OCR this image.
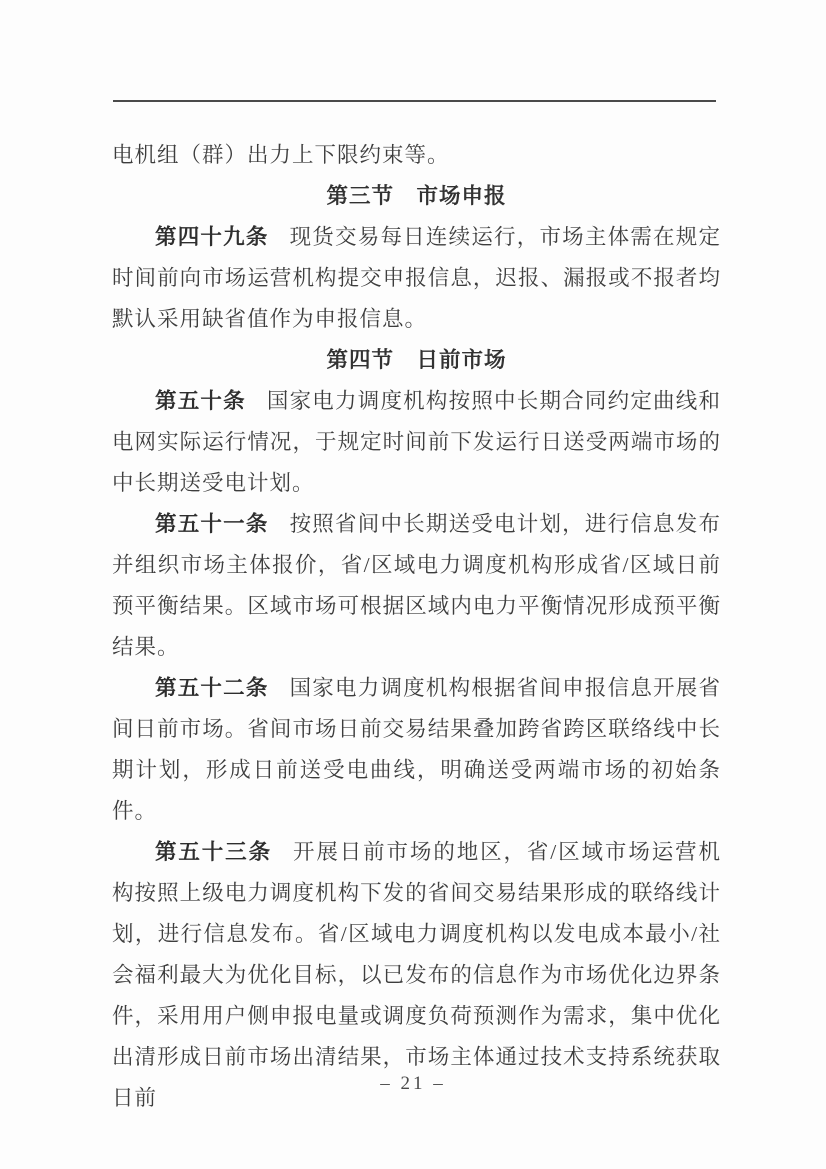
电机组（群）出力上下限约束等。

第三节　市场申报

第四十九条 现货交易每日连续运行，市场主体需在规定时间前向市场运营机构提交申报信息，迟报、漏报或不报者均默认采用缺省值作为申报信息。

第四节　日前市场

第五十条 国家电力调度机构按照中长期合同约定曲线和电网实际运行情况，于规定时间前下发运行日送受两端市场的中长期送受电计划。

第五十一条 按照省间中长期送受电计划，进行信息发布并组织市场主体报价，省/区域电力调度机构形成省/区域日前预平衡结果。区域市场可根据区域内电力平衡情况形成预平衡结果。

第五十二条 国家电力调度机构根据省间申报信息开展省间日前市场。省间市场日前交易结果叠加跨省跨区联络线中长期计划，形成日前送受电曲线，明确送受两端市场的初始条件。

第五十三条 开展日前市场的地区，省/区域市场运营机构按照上级电力调度机构下发的省间交易结果形成的联络线计划，进行信息发布。省/区域电力调度机构以发电成本最小/社会福利最大为优化目标，以已发布的信息作为市场优化边界条件，采用用户侧申报电量或调度负荷预测作为需求，集中优化出清形成日前市场出清结果，市场主体通过技术支持系统获取日前

– 21 –
